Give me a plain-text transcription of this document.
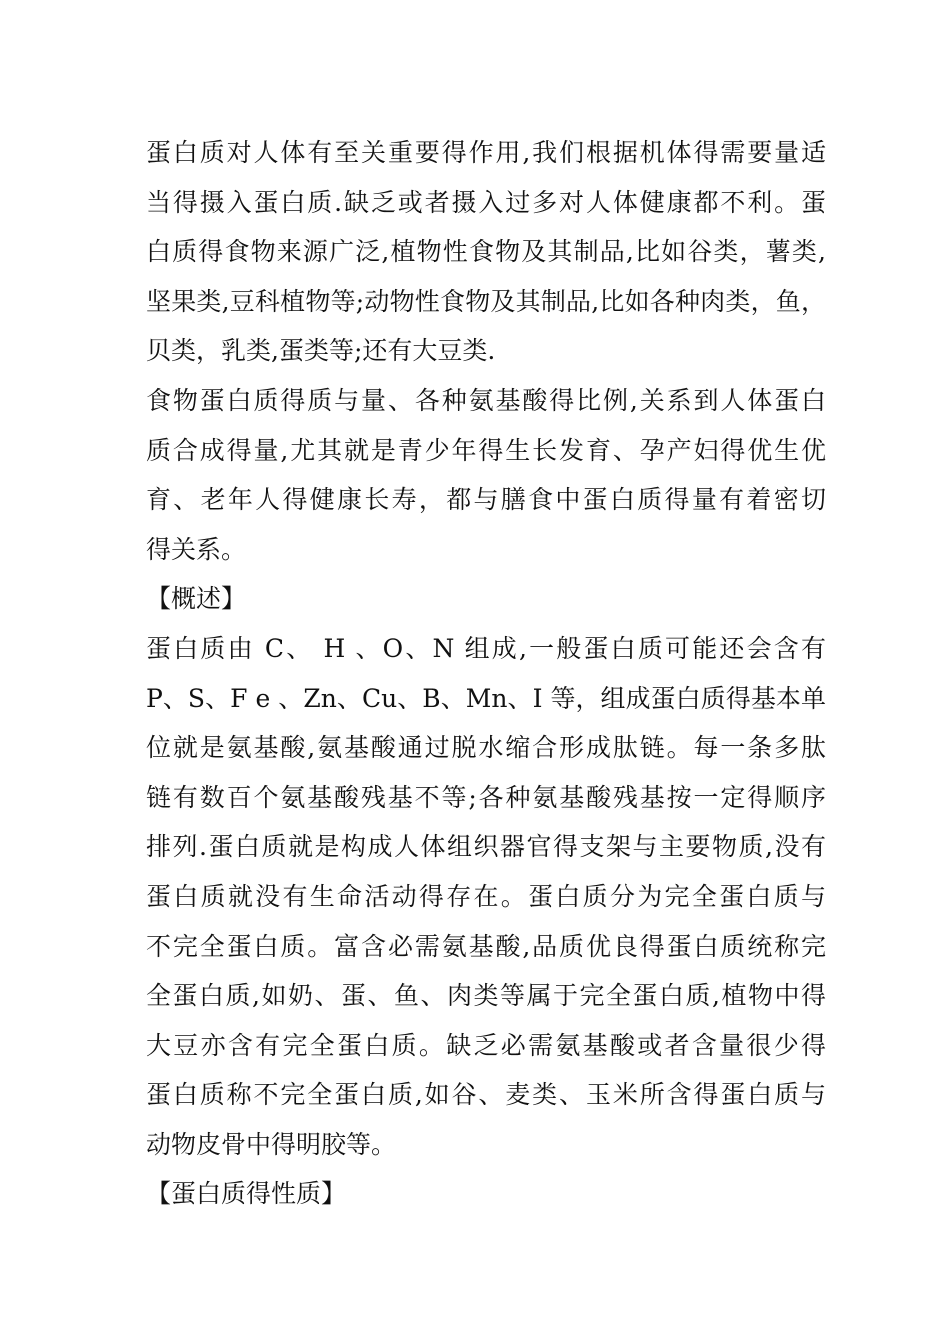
蛋白质对人体有至关重要得作用,我们根据机体得需要量适
当得摄入蛋白质.缺乏或者摄入过多对人体健康都不利。蛋
白质得食物来源广泛,植物性食物及其制品,比如谷类，薯类,
坚果类,豆科植物等;动物性食物及其制品,比如各种肉类，鱼，
贝类，乳类,蛋类等;还有大豆类.
食物蛋白质得质与量、各种氨基酸得比例,关系到人体蛋白
质合成得量,尤其就是青少年得生长发育、孕产妇得优生优
育、老年人得健康长寿，都与膳食中蛋白质得量有着密切
得关系。
【概述】
蛋白质由 C、 H 、O、N 组成,一般蛋白质可能还会含有
P、S、F e 、Zn、Cu、B、Mn、I 等，组成蛋白质得基本单
位就是氨基酸,氨基酸通过脱水缩合形成肽链。每一条多肽
链有数百个氨基酸残基不等;各种氨基酸残基按一定得顺序
排列.蛋白质就是构成人体组织器官得支架与主要物质,没有
蛋白质就没有生命活动得存在。蛋白质分为完全蛋白质与
不完全蛋白质。富含必需氨基酸,品质优良得蛋白质统称完
全蛋白质,如奶、蛋、鱼、肉类等属于完全蛋白质,植物中得
大豆亦含有完全蛋白质。缺乏必需氨基酸或者含量很少得
蛋白质称不完全蛋白质,如谷、麦类、玉米所含得蛋白质与
动物皮骨中得明胶等。
【蛋白质得性质】
